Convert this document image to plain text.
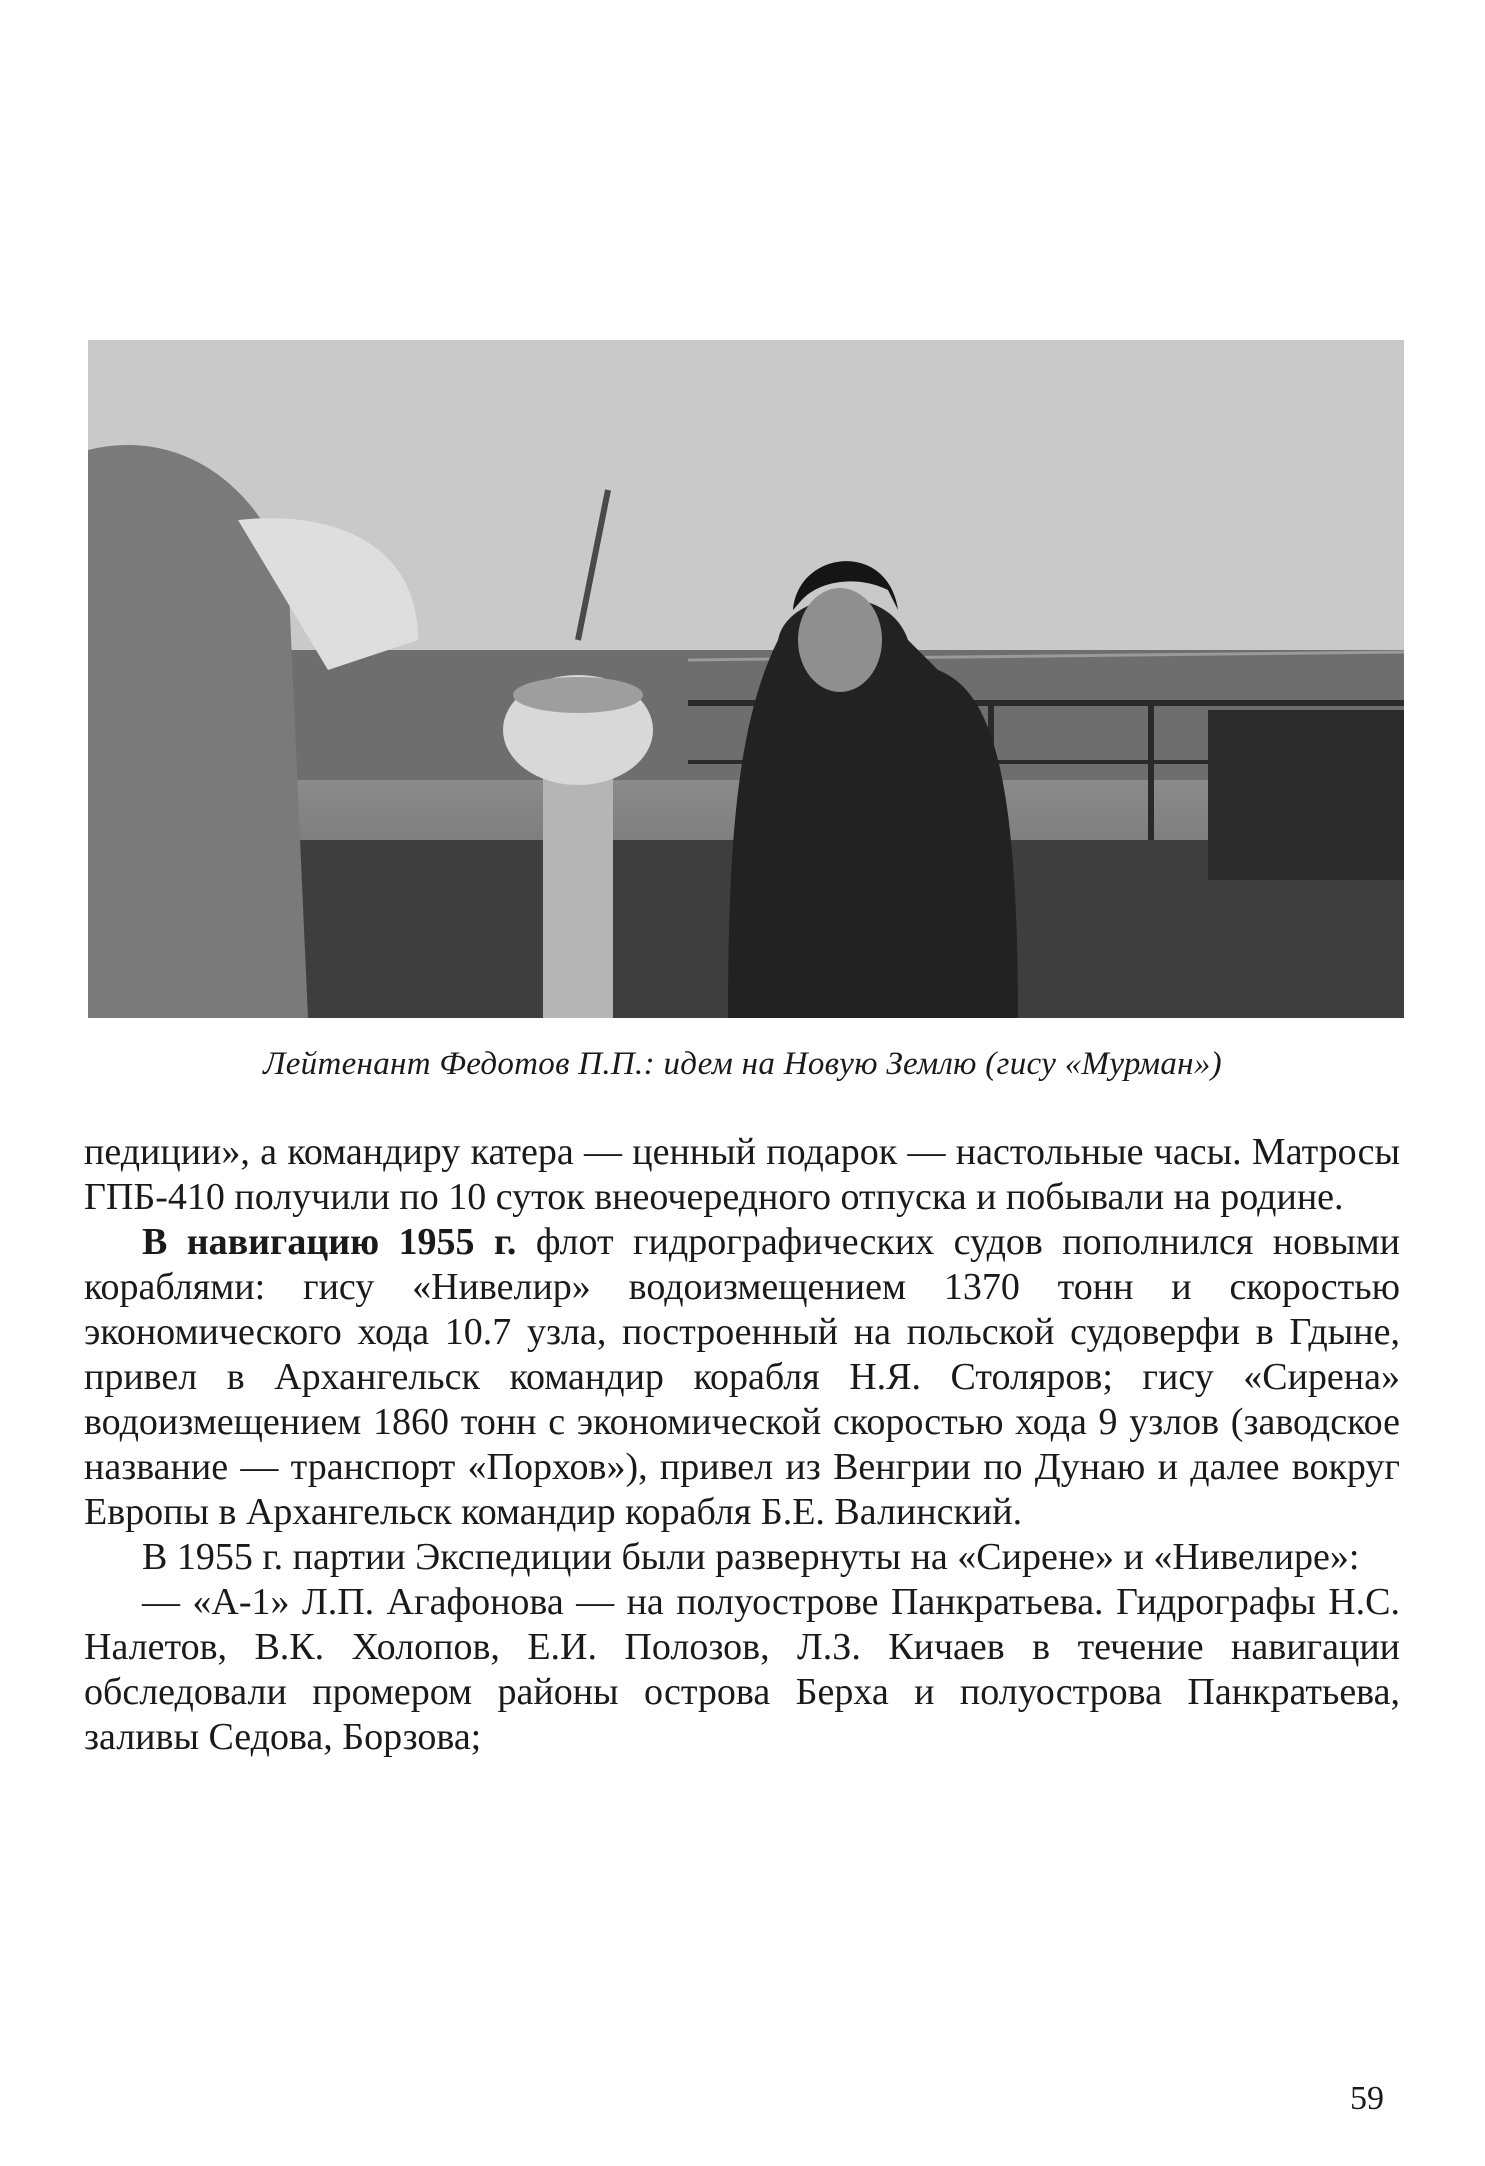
Лейтенант Федотов П.П.: идем на Новую Землю (гису «Мурман»)

педиции», а командиру катера — ценный подарок — настольные часы. Матросы ГПБ-410 получили по 10 суток внеочередного отпуска и побывали на родине.

В навигацию 1955 г. флот гидрографических судов пополнился новыми кораблями: гису «Нивелир» водоизмещением 1370 тонн и скоростью экономического хода 10.7 узла, построенный на польской судоверфи в Гдыне, привел в Архангельск командир корабля Н.Я. Столяров; гису «Сирена» водоизмещением 1860 тонн с экономической скоростью хода 9 узлов (заводское название — транспорт «Порхов»), привел из Венгрии по Дунаю и далее вокруг Европы в Архангельск командир корабля Б.Е. Валинский.

В 1955 г. партии Экспедиции были развернуты на «Сирене» и «Нивелире»:

— «А-1» Л.П. Агафонова — на полуострове Панкратьева. Гидрографы Н.С. Налетов, В.К. Холопов, Е.И. Полозов, Л.З. Кичаев в течение навигации обследовали промером районы острова Берха и полуострова Панкратьева, заливы Седова, Борзова;

59
